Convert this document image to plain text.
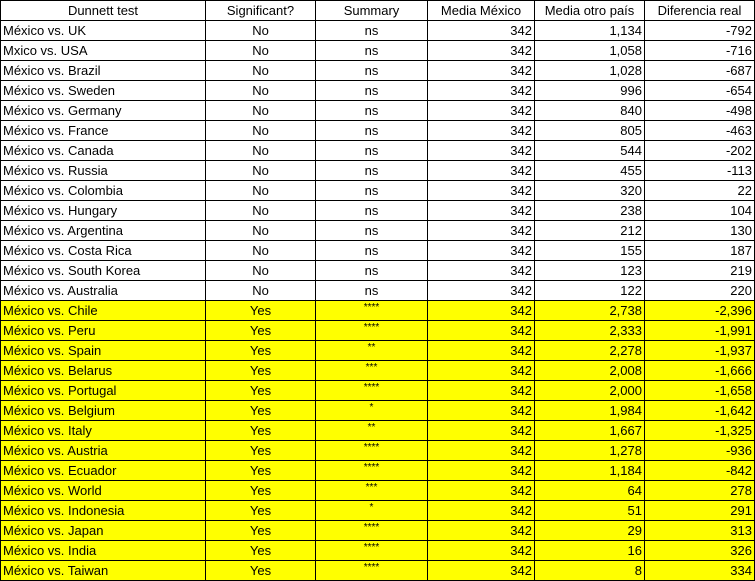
Dunnett test	Significant?	Summary	Media México	Media otro país	Diferencia real
México vs. UK	No	ns	342	1,134	-792
Mxico vs. USA	No	ns	342	1,058	-716
México vs. Brazil	No	ns	342	1,028	-687
México vs. Sweden	No	ns	342	996	-654
México vs. Germany	No	ns	342	840	-498
México vs. France	No	ns	342	805	-463
México vs. Canada	No	ns	342	544	-202
México vs. Russia	No	ns	342	455	-113
México vs. Colombia	No	ns	342	320	22
México vs. Hungary	No	ns	342	238	104
México vs. Argentina	No	ns	342	212	130
México vs. Costa Rica	No	ns	342	155	187
México vs. South Korea	No	ns	342	123	219
México vs. Australia	No	ns	342	122	220
México vs. Chile	Yes	****	342	2,738	-2,396
México vs. Peru	Yes	****	342	2,333	-1,991
México vs. Spain	Yes	**	342	2,278	-1,937
México vs. Belarus	Yes	***	342	2,008	-1,666
México vs. Portugal	Yes	****	342	2,000	-1,658
México vs. Belgium	Yes	*	342	1,984	-1,642
México vs. Italy	Yes	**	342	1,667	-1,325
México vs. Austria	Yes	****	342	1,278	-936
México vs. Ecuador	Yes	****	342	1,184	-842
México vs. World	Yes	***	342	64	278
México vs. Indonesia	Yes	*	342	51	291
México vs. Japan	Yes	****	342	29	313
México vs. India	Yes	****	342	16	326
México vs. Taiwan	Yes	****	342	8	334
